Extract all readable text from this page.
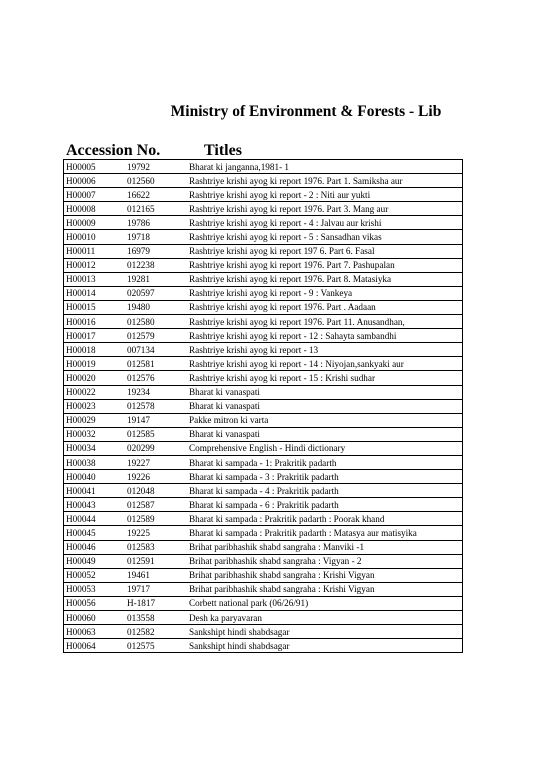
Ministry of Environment & Forests - Lib
Accession No.	Titles
H00005	19792	Bharat ki janganna,1981- 1
H00006	012560	Rashtriye krishi ayog ki report 1976. Part 1. Samiksha aur
H00007	16622	Rashtriye krishi ayog ki report - 2 : Niti aur yukti
H00008	012165	Rashtriye krishi ayog ki report 1976. Part 3. Mang aur
H00009	19786	Rashtriye krishi ayog ki report - 4 : Jalvau aur krishi
H00010	19718	Rashtriye krishi ayog ki report - 5 : Sansadhan vikas
H00011	16979	Rashtriye krishi ayog ki report 197 6. Part 6. Fasal
H00012	012238	Rashtriye krishi ayog ki report 1976. Part 7. Pashupalan
H00013	19281	Rashtriye krishi ayog ki report 1976. Part 8. Matasiyka
H00014	020597	Rashtriye krishi ayog ki report - 9 : Vankeya
H00015	19480	Rashtriye krishi ayog ki report 1976. Part . Aadaan
H00016	012580	Rashtriye krishi ayog ki report 1976. Part 11. Anusandhan,
H00017	012579	Rashtriye krishi ayog ki report - 12 : Sahayta sambandhi
H00018	007134	Rashtriye krishi ayog ki report - 13
H00019	012581	Rashtriye krishi ayog ki report - 14 : Niyojan,sankyaki aur
H00020	012576	Rashtriye krishi ayog ki report - 15 : Krishi sudhar
H00022	19234	Bharat ki vanaspati
H00023	012578	Bharat ki vanaspati
H00029	19147	Pakke mitron ki varta
H00032	012585	Bharat ki vanaspati
H00034	020299	Comprehensive English - Hindi dictionary
H00038	19227	Bharat ki sampada - 1: Prakritik padarth
H00040	19226	Bharat ki sampada - 3 : Prakritik padarth
H00041	012048	Bharat ki sampada - 4 : Prakritik padarth
H00043	012587	Bharat ki sampada - 6 : Prakritik padarth
H00044	012589	Bharat ki sampada : Prakritik padarth : Poorak khand
H00045	19225	Bharat ki sampada : Prakritik padarth : Matasya aur matisyika
H00046	012583	Brihat paribhashik shabd sangraha : Manviki -1
H00049	012591	Brihat paribhashik shabd sangraha : Vigyan - 2
H00052	19461	Brihat paribhashik shabd sangraha : Krishi Vigyan
H00053	19717	Brihat paribhashik shabd sangraha : Krishi Vigyan
H00056	H-1817	Corbett national park (06/26/91)
H00060	013558	Desh ka paryavaran
H00063	012582	Sankshipt hindi shabdsagar
H00064	012575	Sankshipt hindi shabdsagar
